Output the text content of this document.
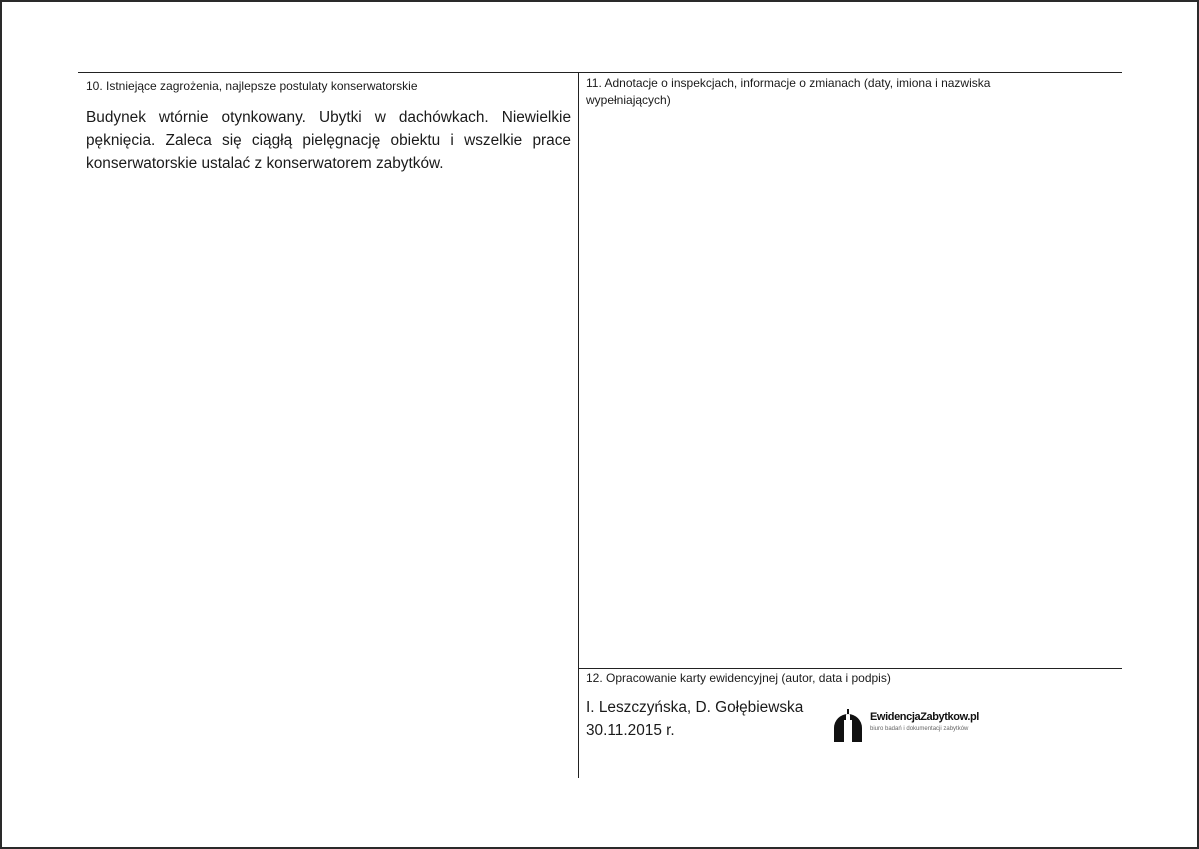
10. Istniejące zagrożenia, najlepsze postulaty konserwatorskie
Budynek wtórnie otynkowany. Ubytki w dachówkach. Niewielkie pęknięcia. Zaleca się ciągłą pielęgnację obiektu i wszelkie prace konserwatorskie ustalać z konserwatorem zabytków.
11. Adnotacje o inspekcjach, informacje o zmianach (daty, imiona i nazwiska wypełniających)
12. Opracowanie karty ewidencyjnej (autor, data i podpis)
I. Leszczyńska, D. Gołębiewska
30.11.2015 r.
EwidencjaZabytkow.pl
biuro badań i dokumentacji zabytków
